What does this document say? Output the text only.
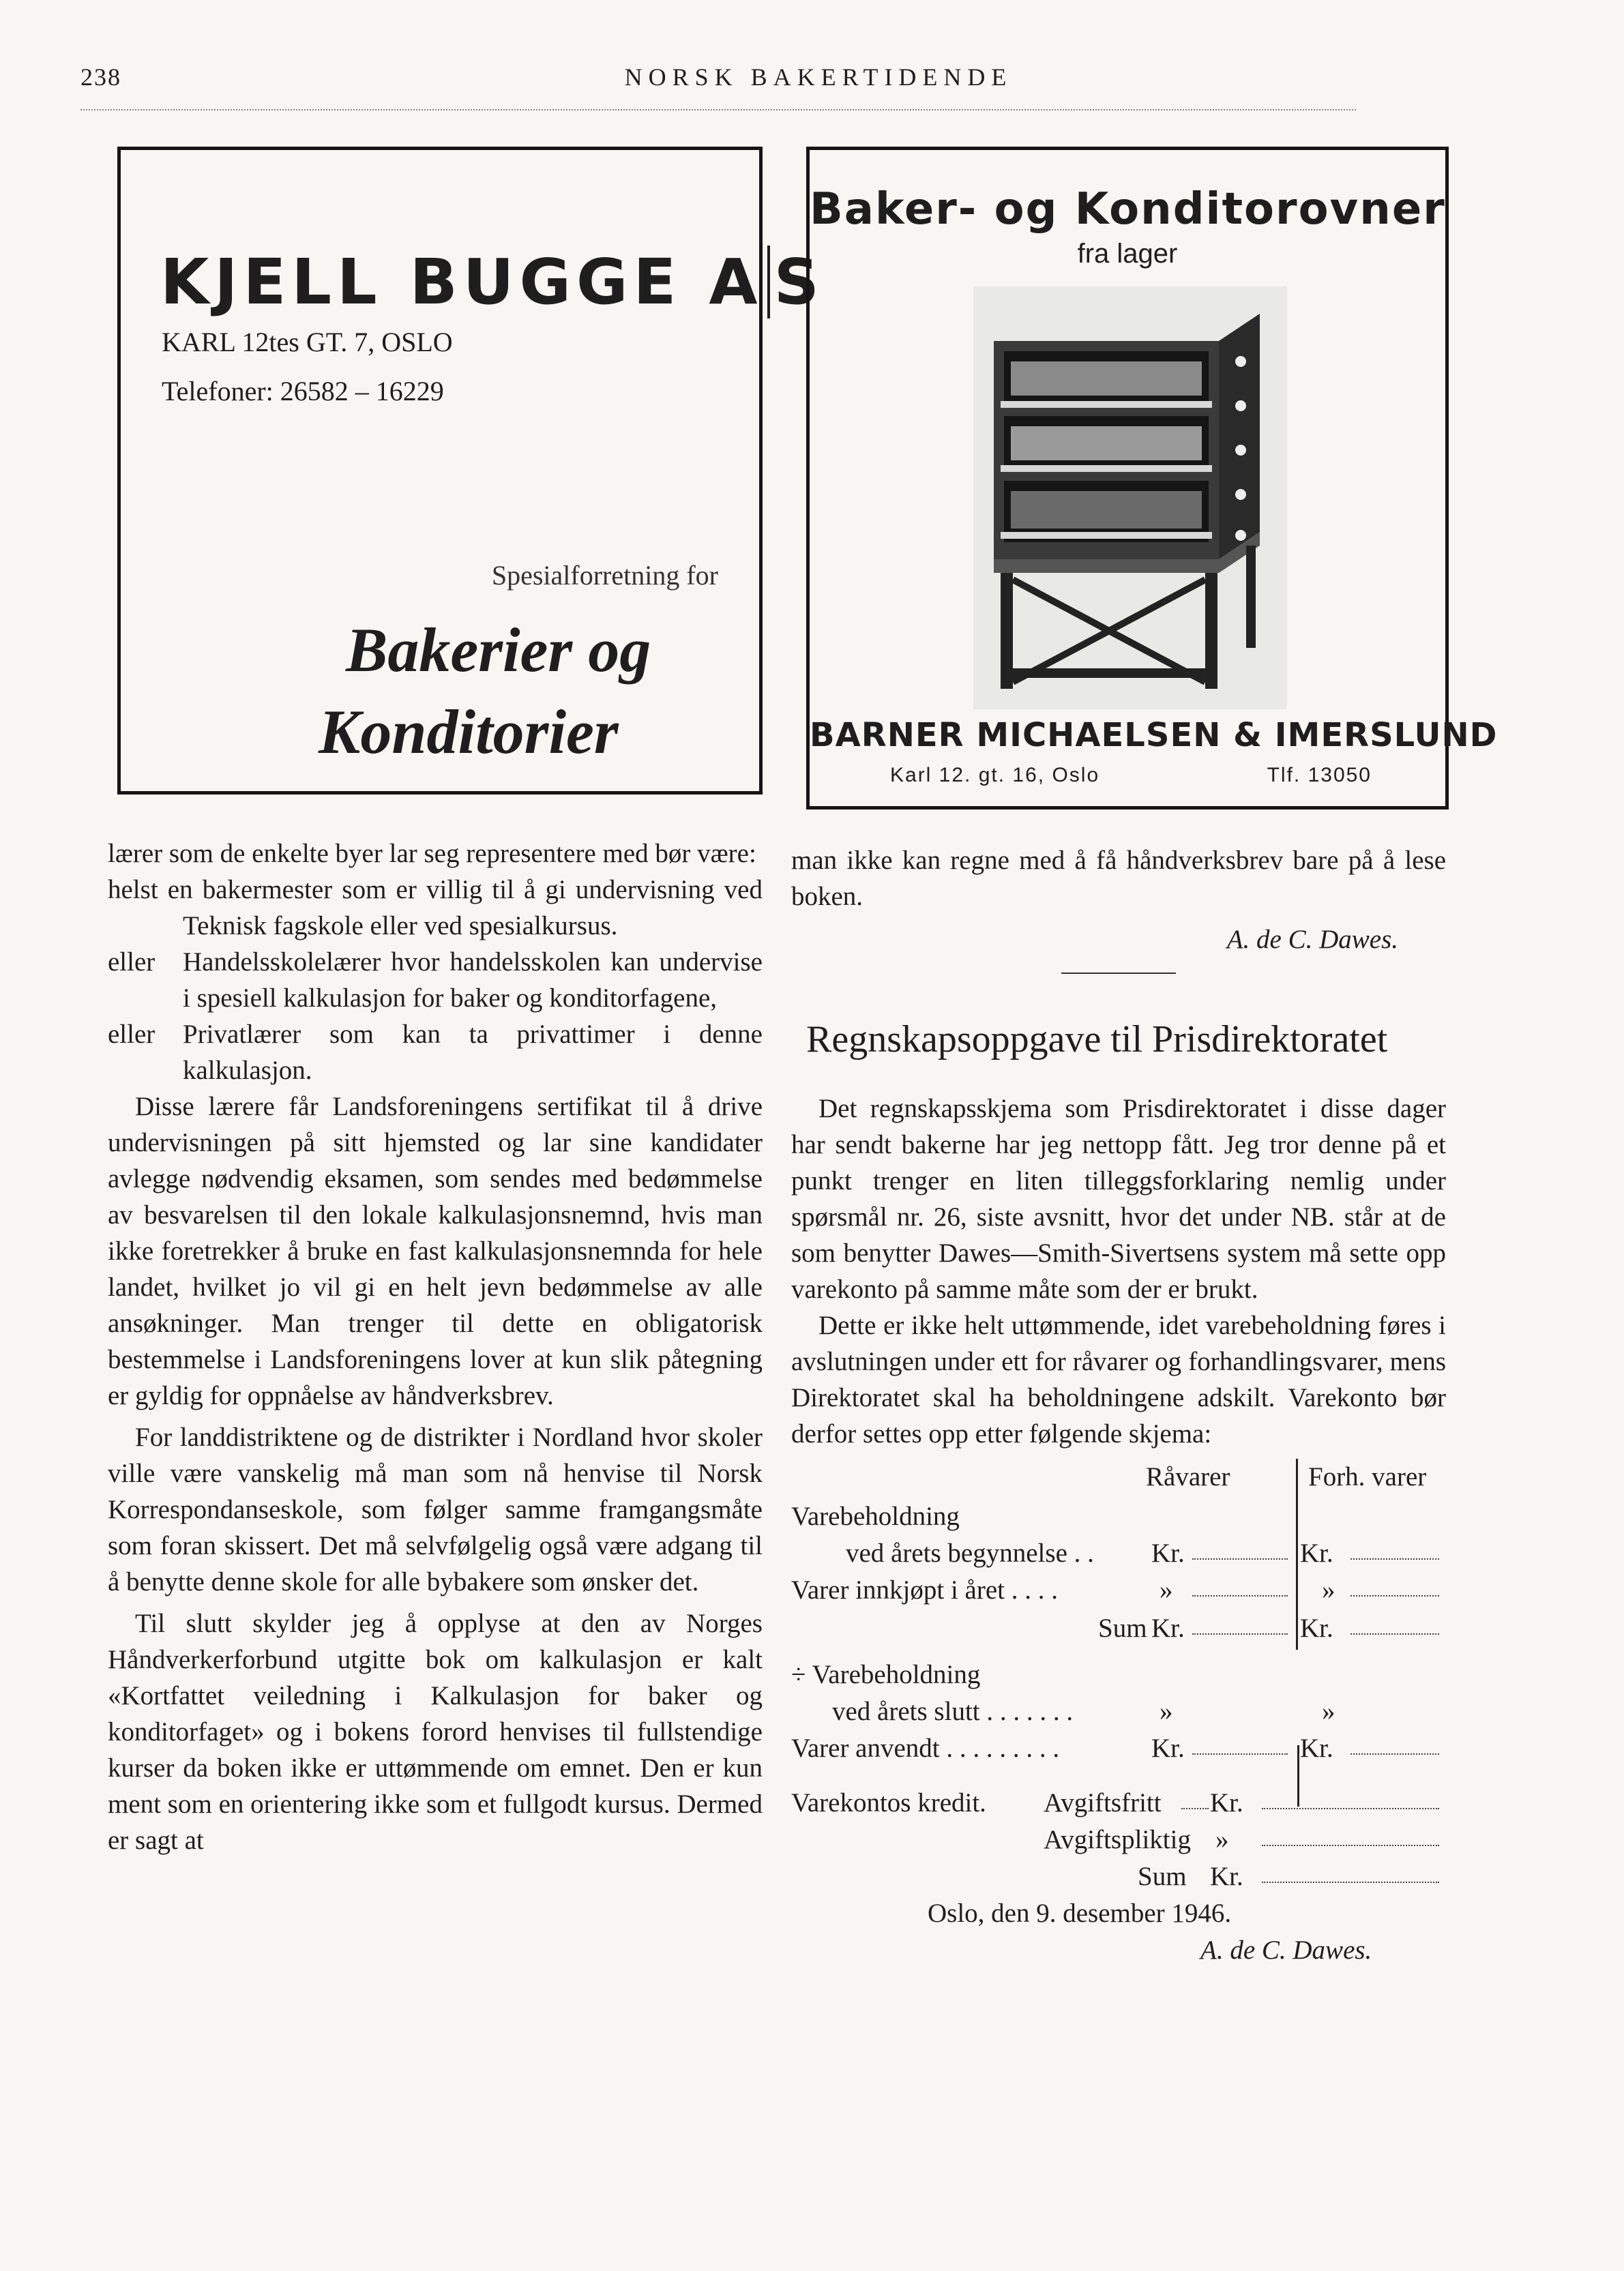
238	NORSK BAKERTIDENDE
KJELL BUGGE A S
KARL 12tes GT. 7, OSLO
Telefoner: 26582 – 16229
Spesialforretning for
Bakerier og
Konditorier
Baker- og Konditorovner
fra lager
BARNER MICHAELSEN & IMERSLUND
Karl 12. gt. 16, Oslo	Tlf. 13050

lærer som de enkelte byer lar seg representere med bør være:

helst en bakermester som er villig til å gi undervisning ved Teknisk fagskole eller ved spesialkursus.
eller	Handelsskolelærer hvor handelsskolen kan undervise i spesiell kalkulasjon for baker og konditorfagene,
eller	Privatlærer som kan ta privattimer i denne kalkulasjon.

Disse lærere får Landsforeningens sertifikat til å drive undervisningen på sitt hjemsted og lar sine kandidater avlegge nødvendig eksamen, som sendes med bedømmelse av besvarelsen til den lokale kalkulasjonsnemnd, hvis man ikke foretrekker å bruke en fast kalkulasjonsnemnda for hele landet, hvilket jo vil gi en helt jevn bedømmelse av alle ansøkninger. Man trenger til dette en obligatorisk bestemmelse i Landsforeningens lover at kun slik påtegning er gyldig for oppnåelse av håndverksbrev.

For landdistriktene og de distrikter i Nordland hvor skoler ville være vanskelig må man som nå henvise til Norsk Korrespondanseskole, som følger samme framgangsmåte som foran skissert. Det må selvfølgelig også være adgang til å benytte denne skole for alle bybakere som ønsker det.

Til slutt skylder jeg å opplyse at den av Norges Håndverkerforbund utgitte bok om kalkulasjon er kalt «Kortfattet veiledning i Kalkulasjon for baker og konditorfaget» og i bokens forord henvises til fullstendige kurser da boken ikke er uttømmende om emnet. Den er kun ment som en orientering ikke som et fullgodt kursus. Dermed er sagt at

man ikke kan regne med å få håndverksbrev bare på å lese boken.

A. de C. Dawes.
Regnskapsoppgave til Prisdirektoratet

Det regnskapsskjema som Prisdirektoratet i disse dager har sendt bakerne har jeg nettopp fått. Jeg tror denne på et punkt trenger en liten tilleggsforklaring nemlig under spørsmål nr. 26, siste avsnitt, hvor det under NB. står at de som benytter Dawes—Smith-Sivertsens system må sette opp varekonto på samme måte som der er brukt.

Dette er ikke helt uttømmende, idet varebeholdning føres i avslutningen under ett for råvarer og forhandlingsvarer, mens Direktoratet skal ha beholdningene adskilt. Varekonto bør derfor settes opp etter følgende skjema:

Råvarer	Forh. varer
Varebeholdning
ved årets begynnelse . . Kr.	Kr.
Varer innkjøpt i året . . . .	»	»
Sum Kr.	Kr.
÷ Varebeholdning
ved årets slutt . . . . . . .	»	»
Varer anvendt . . . . . . . . .	Kr.	Kr.
Varekontos kredit. Avgiftsfritt Kr.
Avgiftspliktig »
Sum Kr.
Oslo, den 9. desember 1946.
A. de C. Dawes.
